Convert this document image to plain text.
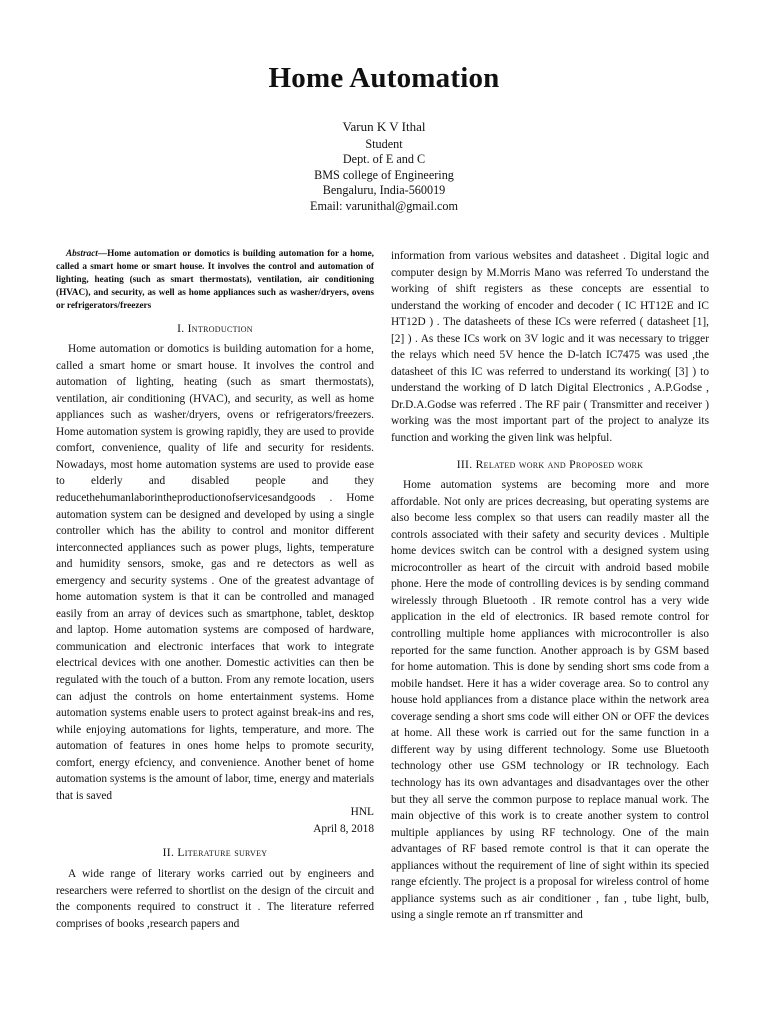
Home Automation
Varun K V Ithal
Student
Dept. of E and C
BMS college of Engineering
Bengaluru, India-560019
Email: varunithal@gmail.com

Abstract—Home automation or domotics is building automation for a home, called a smart home or smart house. It involves the control and automation of lighting, heating (such as smart thermostats), ventilation, air conditioning (HVAC), and security, as well as home appliances such as washer/dryers, ovens or refrigerators/freezers

I. Introduction

Home automation or domotics is building automation for a home, called a smart home or smart house. It involves the control and automation of lighting, heating (such as smart thermostats), ventilation, air conditioning (HVAC), and security, as well as home appliances such as washer/dryers, ovens or refrigerators/freezers. Home automation system is growing rapidly, they are used to provide comfort, convenience, quality of life and security for residents. Nowadays, most home automation systems are used to provide ease to elderly and disabled people and they reducethehumanlaborintheproductionofservicesandgoods . Home automation system can be designed and developed by using a single controller which has the ability to control and monitor different interconnected appliances such as power plugs, lights, temperature and humidity sensors, smoke, gas and re detectors as well as emergency and security systems . One of the greatest advantage of home automation system is that it can be controlled and managed easily from an array of devices such as smartphone, tablet, desktop and laptop. Home automation systems are composed of hardware, communication and electronic interfaces that work to integrate electrical devices with one another. Domestic activities can then be regulated with the touch of a button. From any remote location, users can adjust the controls on home entertainment systems. Home automation systems enable users to protect against break-ins and res, while enjoying automations for lights, temperature, and more. The automation of features in ones home helps to promote security, comfort, energy efciency, and convenience. Another benet of home automation systems is the amount of labor, time, energy and materials that is saved

HNL
April 8, 2018
II. Literature survey

A wide range of literary works carried out by engineers and researchers were referred to shortlist on the design of the circuit and the components required to construct it . The literature referred comprises of books ,research papers and

information from various websites and datasheet . Digital logic and computer design by M.Morris Mano was referred To understand the working of shift registers as these concepts are essential to understand the working of encoder and decoder ( IC HT12E and IC HT12D ) . The datasheets of these ICs were referred ( datasheet [1],[2] ) . As these ICs work on 3V logic and it was necessary to trigger the relays which need 5V hence the D-latch IC7475 was used ,the datasheet of this IC was referred to understand its working( [3] ) to understand the working of D latch Digital Electronics , A.P.Godse , Dr.D.A.Godse was referred . The RF pair ( Transmitter and receiver ) working was the most important part of the project to analyze its function and working the given link was helpful.

III. Related work and Proposed work

Home automation systems are becoming more and more affordable. Not only are prices decreasing, but operating systems are also become less complex so that users can readily master all the controls associated with their safety and security devices . Multiple home devices switch can be control with a designed system using microcontroller as heart of the circuit with android based mobile phone. Here the mode of controlling devices is by sending command wirelessly through Bluetooth . IR remote control has a very wide application in the eld of electronics. IR based remote control for controlling multiple home appliances with microcontroller is also reported for the same function. Another approach is by GSM based for home automation. This is done by sending short sms code from a mobile handset. Here it has a wider coverage area. So to control any house hold appliances from a distance place within the network area coverage sending a short sms code will either ON or OFF the devices at home. All these work is carried out for the same function in a different way by using different technology. Some use Bluetooth technology other use GSM technology or IR technology. Each technology has its own advantages and disadvantages over the other but they all serve the common purpose to replace manual work. The main objective of this work is to create another system to control multiple appliances by using RF technology. One of the main advantages of RF based remote control is that it can operate the appliances without the requirement of line of sight within its specied range efciently. The project is a proposal for wireless control of home appliance systems such as air conditioner , fan , tube light, bulb, using a single remote an rf transmitter and
